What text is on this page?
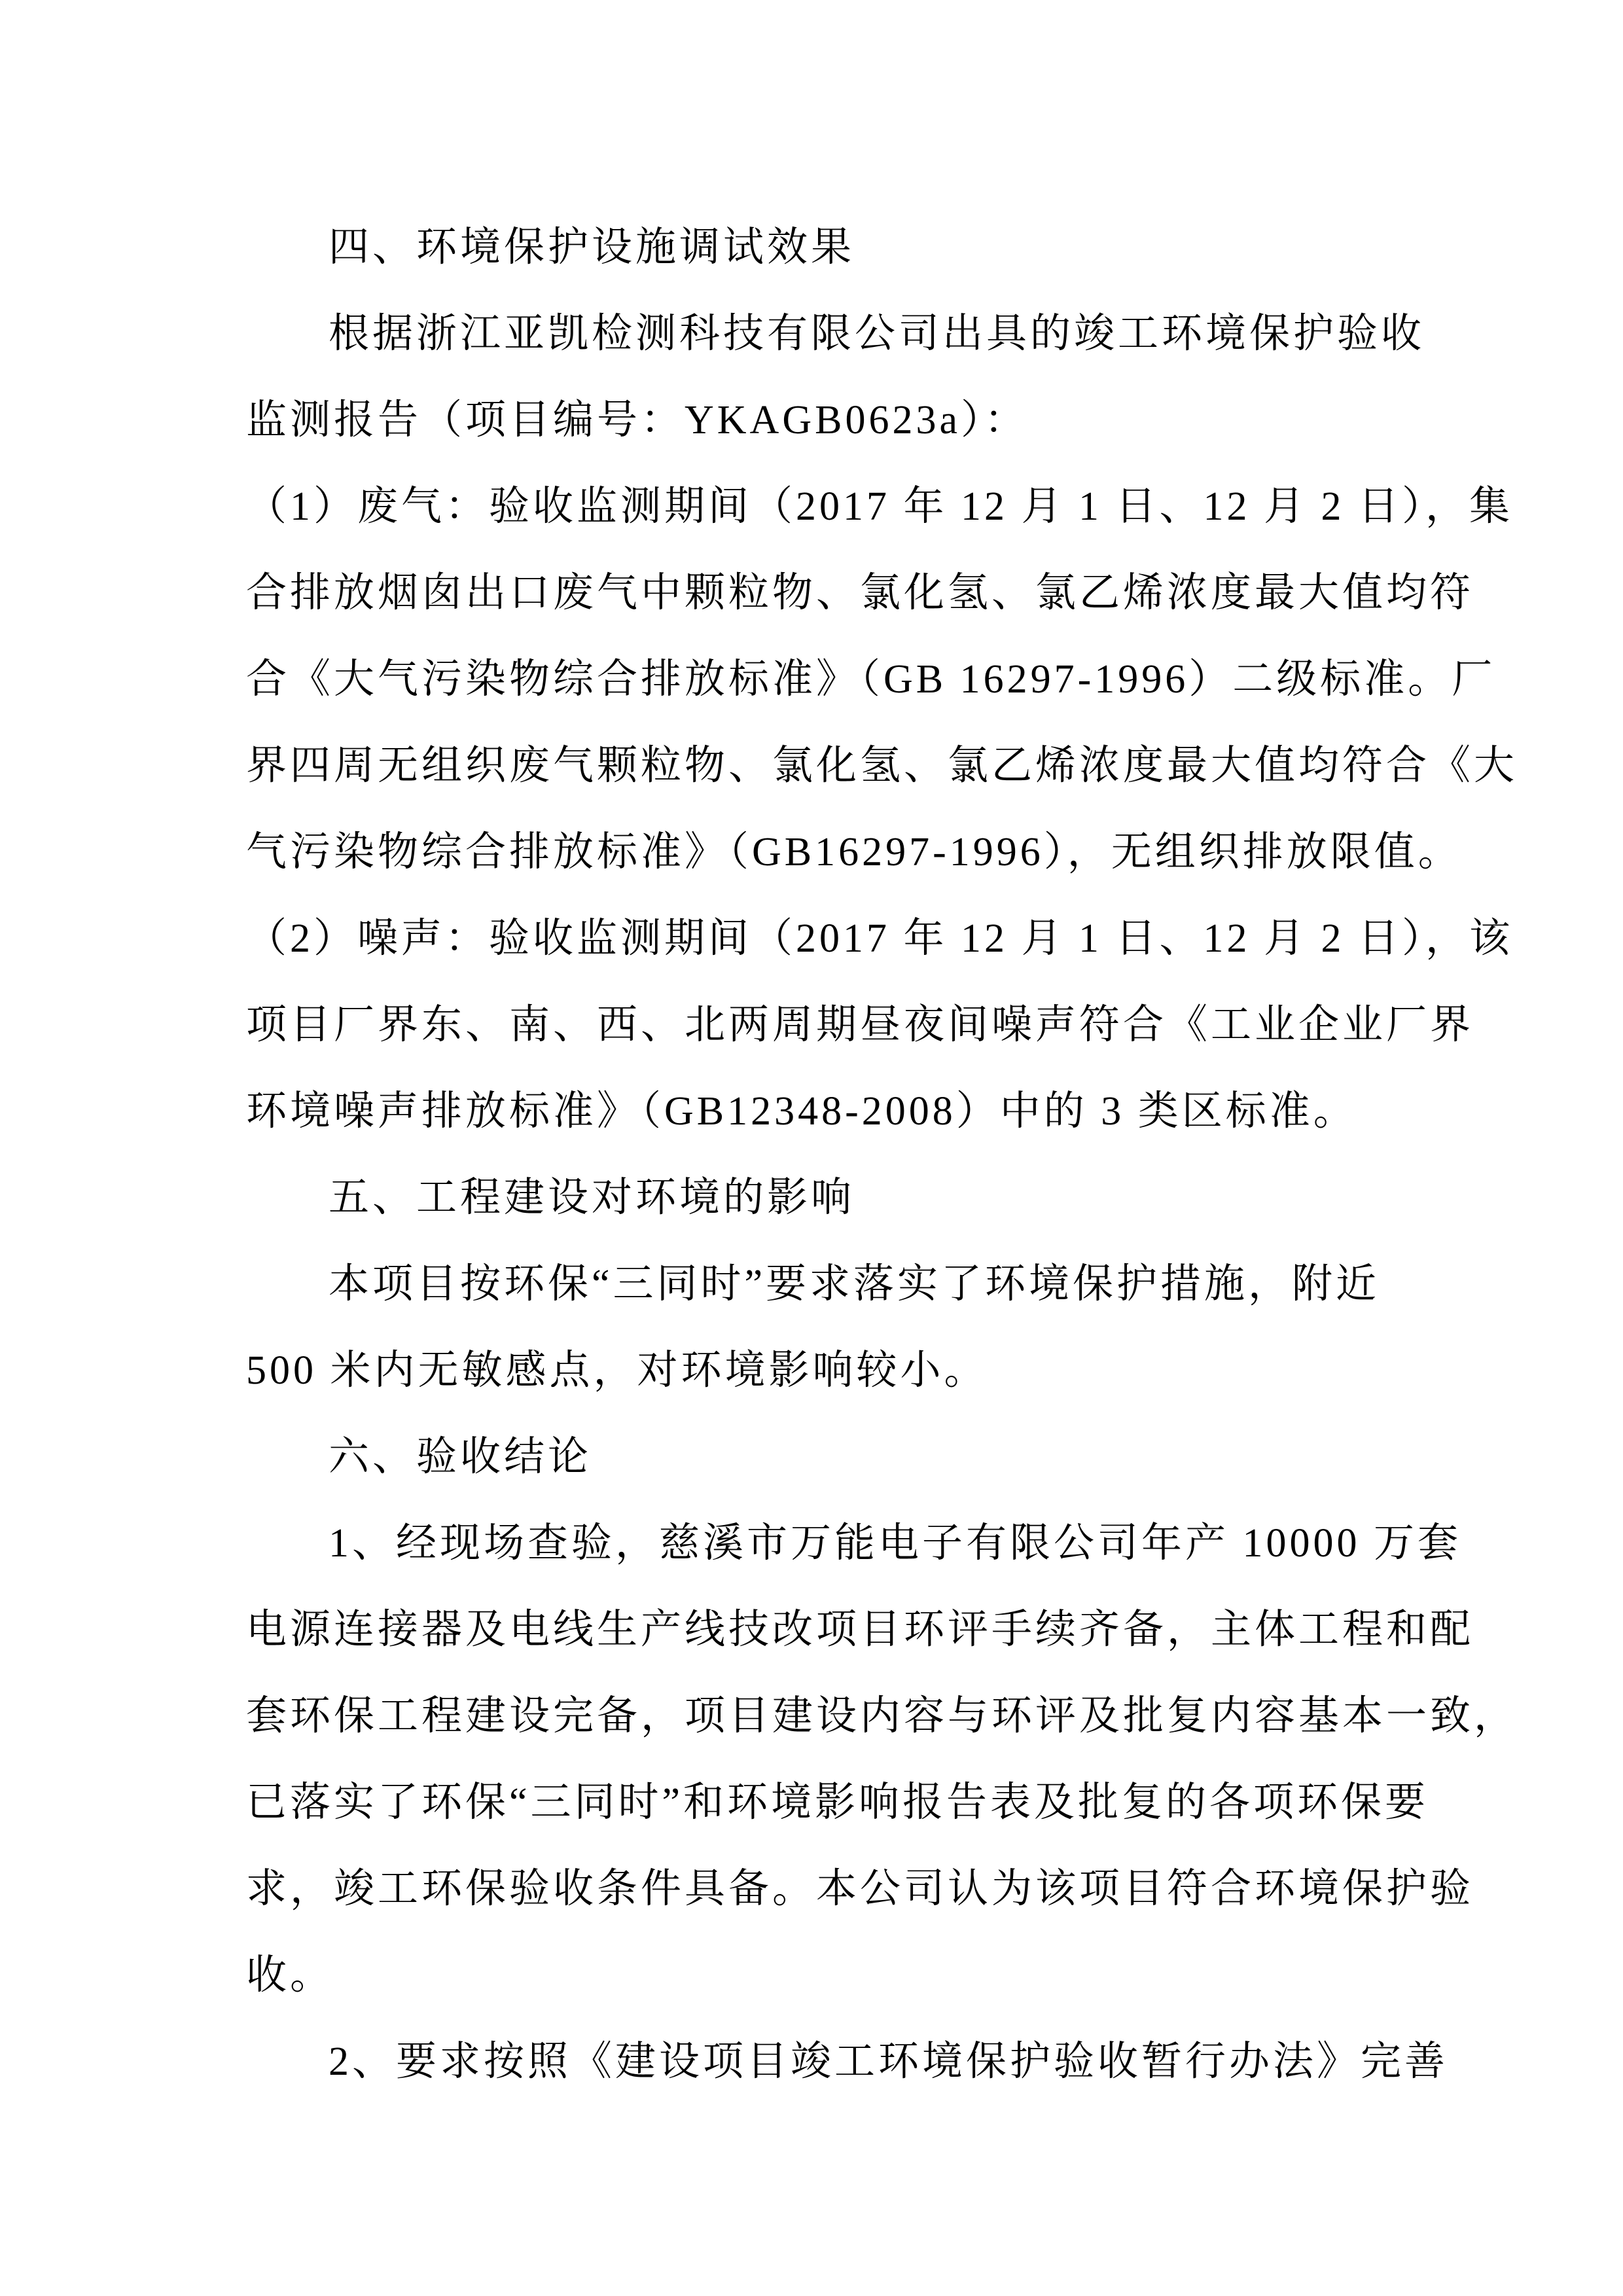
四、环境保护设施调试效果
根据浙江亚凯检测科技有限公司出具的竣工环境保护验收
监测报告（项目编号：YKAGB0623a）：
（1）废气：验收监测期间（2017 年 12 月 1 日、12 月 2 日），集
合排放烟囱出口废气中颗粒物、氯化氢、氯乙烯浓度最大值均符
合《大气污染物综合排放标准》（GB 16297-1996）二级标准。厂
界四周无组织废气颗粒物、氯化氢、氯乙烯浓度最大值均符合《大
气污染物综合排放标准》（GB16297-1996），无组织排放限值。
（2）噪声：验收监测期间（2017 年 12 月 1 日、12 月 2 日），该
项目厂界东、南、西、北两周期昼夜间噪声符合《工业企业厂界
环境噪声排放标准》（GB12348-2008）中的 3 类区标准。
五、工程建设对环境的影响
本项目按环保“三同时”要求落实了环境保护措施，附近
500 米内无敏感点，对环境影响较小。
六、验收结论
1、经现场查验，慈溪市万能电子有限公司年产 10000 万套
电源连接器及电线生产线技改项目环评手续齐备，主体工程和配
套环保工程建设完备，项目建设内容与环评及批复内容基本一致，
已落实了环保“三同时”和环境影响报告表及批复的各项环保要
求，竣工环保验收条件具备。本公司认为该项目符合环境保护验
收。
2、要求按照《建设项目竣工环境保护验收暂行办法》完善
